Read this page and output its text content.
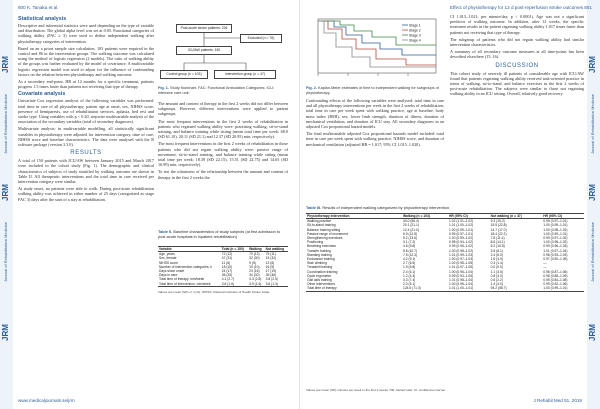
JRM
Journal of Rehabilitation Medicine
JRM
Journal of Rehabilitation Medicine
JRM
800 K. Tanaka et al.
Statistical analysis
Descriptive and inferential statistics were used depending on the type of variable and distribution. The global alpha level was set at 0.05. Functional categories of walking ability (FAC ≥ 3) were used to define independent walking after physiotherapy categories of intervention.
Based on an a priori sample size calculation, 103 patients were required in the control and 86 in the intervention groups. The walking outcome was calculated using the method of logistic regression (2 models). The ratio of walking ability of the groups was further evaluated by the model of covariance. A multivariable logistic regression model was used to adjust for the influence of confounding factors on the relation between physiotherapy and walking outcome.
As a secondary end-point, HR at 12 months for a specific treatment, patients progress 1.5 times faster than patients not receiving that type of therapy.
Covariate analysis
Univariate Cox regression analysis of the following variables was performed: total time in care of all physiotherapy, patient age at onset, sex, NIHSS score, presence of hemiparesis, use of rehabilitation services, aphasia, bed rest and stroke type. Using variables with p < 0.20, stepwise multivariable analysis of the association of the secondary variables (total of secondary diagnoses).
Multivariate analysis: in multivariable modelling, all statistically significant variables in physiotherapy were adjusted for intervention category, time of care, NIHSS score and baseline characteristics. The data were analysed with the R software package (version 3.3.0).
RESULTS
A total of 150 patients with ICU/AW between January 2015 and March 2017 were included in the cohort study (Fig. 1). The demographic and clinical characteristics of subjects of study stratified by walking outcome are shown in Table II. All therapeutic interventions and the total time in care received per intervention category were similar.
At study onset, no patients were able to walk. During post-acute rehabilitation walking ability was achieved in either number of 25 days (categorized as stage FAC 3) days after the start of a stay at rehabilitation.
Post-acute stroke patients: 226
Excluded (n = 76)
ICU/AW patients: 150
Control group (n = 103)	Intervention group (n = 47)
Fig. 1. Study flowchart. FAC: Functional Ambulation Categories; ICU: intensive care unit.
The amount and content of therapy in the first 2 weeks did not differ between subgroups. However, different interventions were applied to patient subgroups.
The most frequent interventions in the first 2 weeks of rehabilitation in patients who regained walking ability were: practising walking, sit-to-stand training, and balance training while sitting (mean total time per week: 68.0 (SD 61.10), 20.11 (SD 21.1) and 12.37 (SD 20.95) min, respectively).
The most frequent interventions in the first 2 weeks of rehabilitation in those patients who did not regain walking ability were: passive range of movement, sit-to-stand training, and balance training while sitting (mean total time per week: 18.39 (SD 22.15), 15.51 (SD 22.75) and 14.65 (SD 16.99) min, respectively).
To test the robustness of the relationship between the amount and content of therapy in the first 2 weeks the
Table II. Baseline characteristics of study subjects (at first admission to post-acute hospitals in inpatient rehabilitation)
Variable	Total (n = 150)	Walking	Not walking
Age, years	72 (12)	70 (13)	75 (11)
Sex, female	47 (31)	32 (30)	15 (32)
NIHSS score	11 (6)	9 (5)	13 (6)
Number of intervention categories, n	18 (10)	19 (10)	16 (9)
Days since onset	24 (17)	23 (16)	27 (19)
Days in care	36 (33)	34 (30)	39 (36)
Total time of therapy, min/week	4.1 (2.7)	4.3 (2.8)	3.8 (2.5)
Total time of intervention, min/week	3.8 (1.5)	3.9 (1.6)	3.6 (1.3)
Values are mean (SD) or n (%). NIHSS: National Institutes of Health Stroke Scale.
www.medicaljournals.se/jrm
JRM
Journal of Rehabilitation Medicine
JRM
Journal of Rehabilitation Medicine
JRM
Effect of physiotherapy for 12 d post-reperfusion stroke outcomes 801
Stage 1
Stage 2
Stage 3
Stage 4
Fig. 2. Kaplan-Meier estimates of time to independent walking for subgroups of physiotherapy.
Confounding effects of the following variables were analysed: total time in care and all physiotherapy interventions per week in the first 2 weeks of rehabilitation, total time in care per week spent with walking practice, age at baseline, body mass index (BMI), sex, lower limb strength, duration of illness, duration of mechanical ventilation, and duration of ICU stay. All secondary diagnoses in an adjusted Cox proportional hazard models.
The final multivariable adjusted Cox proportional hazards model included: total time in care per week spent with walking practice, NIHSS score, and duration of mechanical ventilation (adjusted HR = 1.017; 95% CI 1.015–1.020).
CI 1.013–1.021; per minute/day, p < 0.0001). Age was not a significant predictor of walking outcome. In addition, after 12 weeks, the specific treatment results in the patient regaining walking ability 1.017 times faster than patients not receiving that type of therapy.
The subgroup of patients who did not regain walking ability had similar intervention characteristics.
A summary of all secondary outcome measures at all time-points has been described elsewhere (15, 16).
DISCUSSION
This cohort study of severely ill patients of considerable age with ICU/AW found that patients regaining walking ability received task-oriented practice in terms of walking, sit-to-stand, and balance exercises in the first 2 weeks of post-acute rehabilitation. The subjects were similar to those not regaining walking ability in an ICU setting. Overall, relatively good recovery
Table III. Results of independent walking categorized by physiotherapy intervention.
Physiotherapy intervention	Walking (n = 103)	HR (95% CI)	Not walking (n = 47)	HR (95% CI)
Walking practice	44.0 (56.4)	1.02 (1.01–1.02)	9.3 (15.2)	0.99 (0.97–1.01)
Sit-to-stand training	20.1 (21.1)	1.01 (1.00–1.02)	15.5 (22.8)	1.00 (0.99–1.01)
Balance training sitting	12.4 (21.0)	1.00 (0.99–1.01)	14.7 (17.0)	1.00 (0.98–1.02)
Passive range of movement	6.9 (12.8)	0.99 (0.97–1.01)	18.4 (22.2)	1.00 (0.99–1.01)
Strengthening exercises	9.2 (13.6)	1.00 (0.99–1.02)	7.8 (11.4)	0.99 (0.97–1.02)
Positioning	3.1 (7.2)	0.98 (0.94–1.02)	8.6 (14.1)	1.00 (0.98–1.02)
Breathing exercises	4.6 (9.8)	0.99 (0.96–1.02)	6.2 (10.5)	0.99 (0.96–1.03)
Transfer training	5.8 (10.7)	1.00 (0.98–1.02)	3.9 (8.1)	1.01 (0.97–1.04)
Standing training	7.5 (12.3)	1.01 (0.99–1.03)	2.4 (6.0)	0.98 (0.93–1.03)
Endurance training	4.2 (9.1)	1.00 (0.97–1.03)	1.6 (4.9)	0.97 (0.90–1.05)
Stair climbing	2.7 (6.5)	1.02 (0.98–1.05)	0.3 (1.4)	—
Treadmill training	1.9 (5.8)	1.01 (0.97–1.05)	0.0 (0.0)	—
Coordination training	2.4 (6.1)	1.00 (0.96–1.04)	1.1 (3.5)	0.96 (0.87–1.06)
Cycle ergometer	1.2 (4.3)	0.99 (0.93–1.05)	0.8 (3.0)	0.98 (0.88–1.09)
Gait aids training	3.3 (7.4)	1.01 (0.98–1.04)	0.6 (2.2)	0.95 (0.84–1.08)
Other interventions	2.0 (5.1)	1.00 (0.96–1.04)	1.4 (4.0)	0.99 (0.92–1.06)
Total time of therapy	124.6 (71.3)	1.01 (1.00–1.01)	94.2 (58.7)	1.00 (0.99–1.01)
Values are mean (SD) minutes per week in the first 2 weeks. HR: hazard ratio; CI: confidence interval.
J Rehabil Med 51, 2019
